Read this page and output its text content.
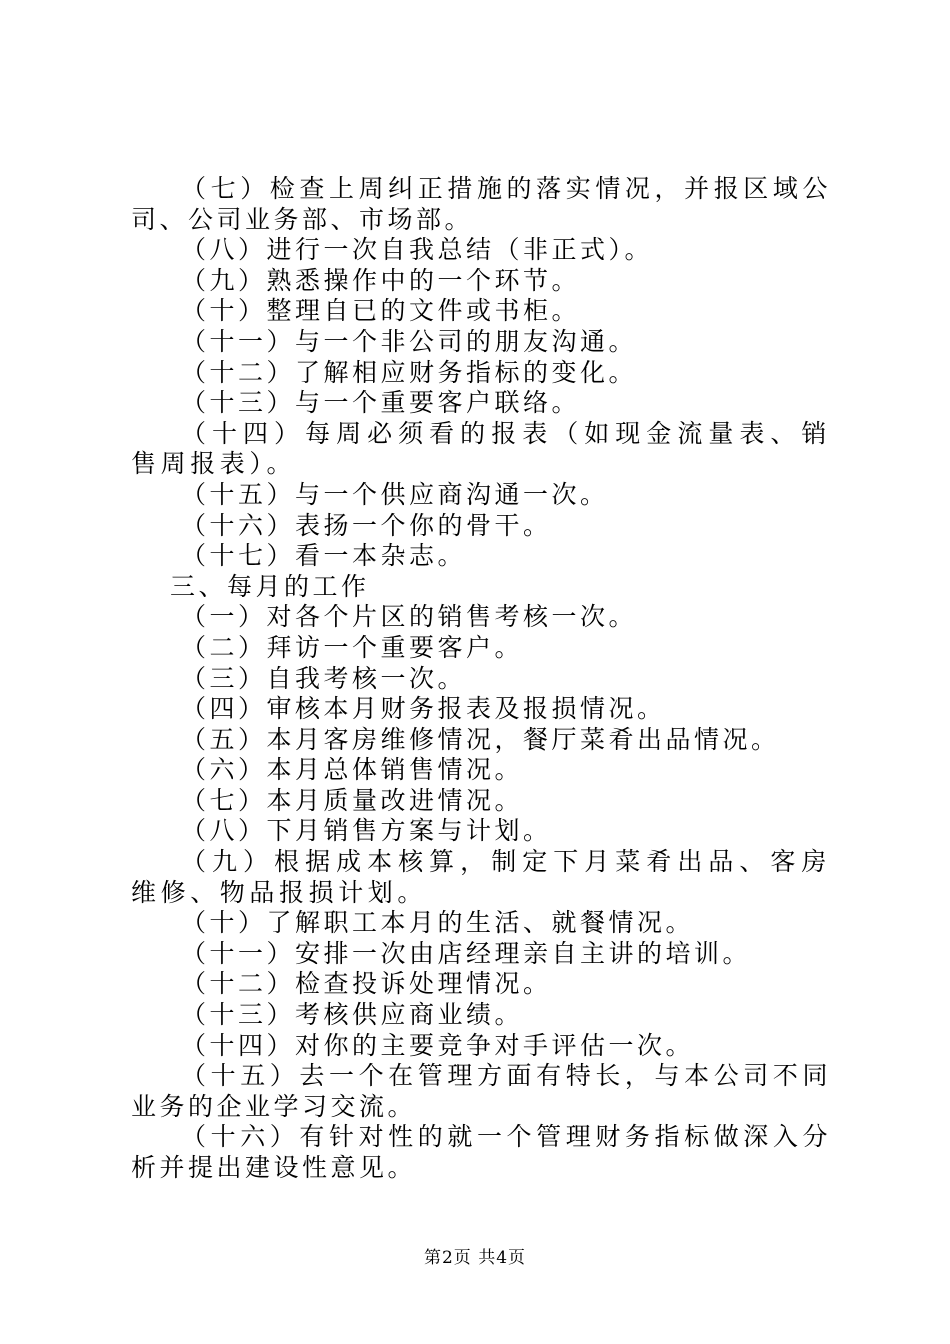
（七）检查上周纠正措施的落实情况，并报区域公司、公司业务部、市场部。

（八）进行一次自我总结（非正式）。

（九）熟悉操作中的一个环节。

（十）整理自已的文件或书柜。

（十一）与一个非公司的朋友沟通。

（十二）了解相应财务指标的变化。

（十三）与一个重要客户联络。

（十四）每周必须看的报表（如现金流量表、销售周报表）。

（十五）与一个供应商沟通一次。

（十六）表扬一个你的骨干。

（十七）看一本杂志。

三、每月的工作

（一）对各个片区的销售考核一次。

（二）拜访一个重要客户。

（三）自我考核一次。

（四）审核本月财务报表及报损情况。

（五）本月客房维修情况，餐厅菜肴出品情况。

（六）本月总体销售情况。

（七）本月质量改进情况。

（八）下月销售方案与计划。

（九）根据成本核算，制定下月菜肴出品、客房维修、物品报损计划。

（十）了解职工本月的生活、就餐情况。

（十一）安排一次由店经理亲自主讲的培训。

（十二）检查投诉处理情况。

（十三）考核供应商业绩。

（十四）对你的主要竞争对手评估一次。

（十五）去一个在管理方面有特长，与本公司不同业务的企业学习交流。

（十六）有针对性的就一个管理财务指标做深入分析并提出建设性意见。

第2页 共4页
